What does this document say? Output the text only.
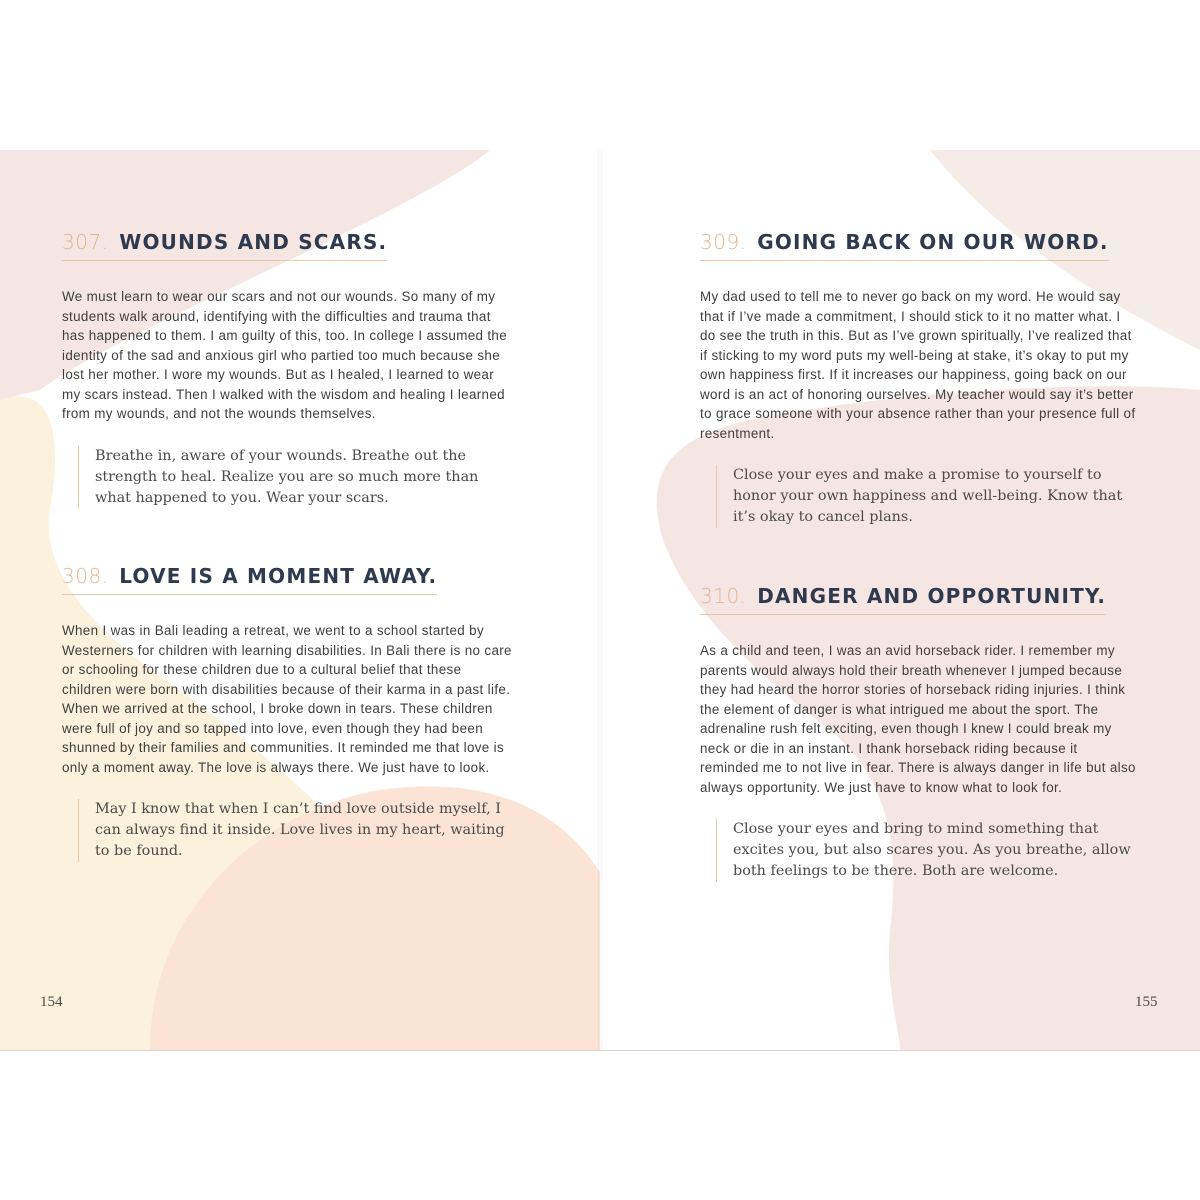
307. WOUNDS AND SCARS.

We must learn to wear our scars and not our wounds. So many of my students walk around, identifying with the difficulties and trauma that has happened to them. I am guilty of this, too. In college I assumed the identity of the sad and anxious girl who partied too much because she lost her mother. I wore my wounds. But as I healed, I learned to wear my scars instead. Then I walked with the wisdom and healing I learned from my wounds, and not the wounds themselves.

Breathe in, aware of your wounds. Breathe out the strength to heal. Realize you are so much more than what happened to you. Wear your scars.
308. LOVE IS A MOMENT AWAY.

When I was in Bali leading a retreat, we went to a school started by Westerners for children with learning disabilities. In Bali there is no care or schooling for these children due to a cultural belief that these children were born with disabilities because of their karma in a past life. When we arrived at the school, I broke down in tears. These children were full of joy and so tapped into love, even though they had been shunned by their families and communities. It reminded me that love is only a moment away. The love is always there. We just have to look.

May I know that when I can’t find love outside myself, I can always find it inside. Love lives in my heart, waiting to be found.
154
309. GOING BACK ON OUR WORD.

My dad used to tell me to never go back on my word. He would say that if I’ve made a commitment, I should stick to it no matter what. I do see the truth in this. But as I’ve grown spiritually, I’ve realized that if sticking to my word puts my well-being at stake, it’s okay to put my own happiness first. If it increases our happiness, going back on our word is an act of honoring ourselves. My teacher would say it’s better to grace someone with your absence rather than your presence full of resentment.

Close your eyes and make a promise to yourself to honor your own happiness and well-being. Know that it’s okay to cancel plans.
310. DANGER AND OPPORTUNITY.

As a child and teen, I was an avid horseback rider. I remember my parents would always hold their breath whenever I jumped because they had heard the horror stories of horseback riding injuries. I think the element of danger is what intrigued me about the sport. The adrenaline rush felt exciting, even though I knew I could break my neck or die in an instant. I thank horseback riding because it reminded me to not live in fear. There is always danger in life but also always opportunity. We just have to know what to look for.

Close your eyes and bring to mind something that excites you, but also scares you. As you breathe, allow both feelings to be there. Both are welcome.
155
